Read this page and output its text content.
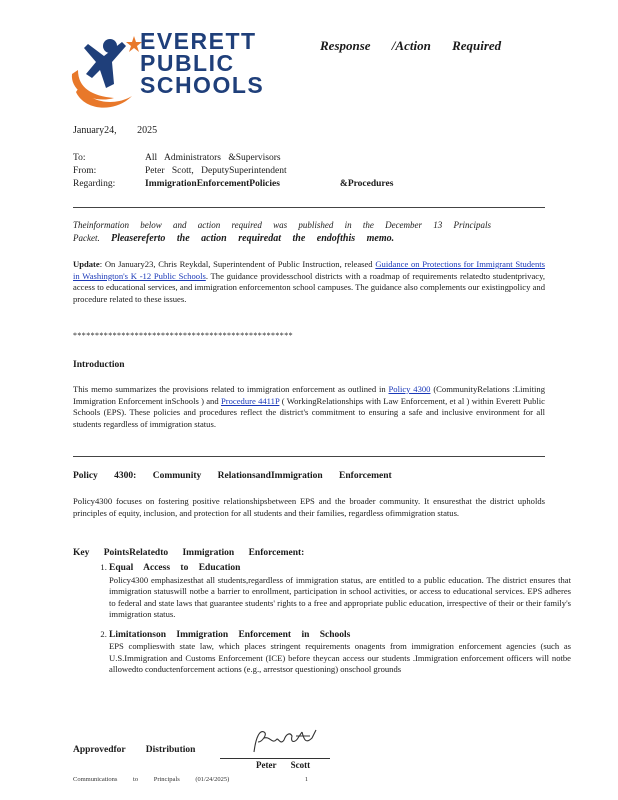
EVERETT
PUBLIC
SCHOOLS
Response /Action Required
January24, 2025
To:	All Administrators &Supervisors
From:	Peter Scott, DeputySuperintendent
Regarding:	ImmigrationEnforcementPolicies	&Procedures
Theinformation below and action required was published in the December 13 Principals
Packet. Pleasereferto the action requiredat the endofthis memo.
Update: On January23, Chris Reykdal, Superintendent of Public Instruction, released Guidance on Protections for Immigrant Students in Washington's K -12 Public Schools. The guidance providesschool districts with a roadmap of requirements relatedto studentprivacy, access to educational services, and immigration enforcementon school campuses. The guidance also complements our existingpolicy and procedure related to these issues.
**************************************************
Introduction
This memo summarizes the provisions related to immigration enforcement as outlined in Policy 4300 (CommunityRelations :Limiting Immigration Enforcement inSchools ) and Procedure 4411P ( WorkingRelationships with Law Enforcement, et al ) within Everett Public Schools (EPS). These policies and procedures reflect the district's commitment to ensuring a safe and inclusive environment for all students regardless of immigration status.
Policy 4300: Community RelationsandImmigration Enforcement
Policy4300 focuses on fostering positive relationshipsbetween EPS and the broader community. It ensuresthat the district upholds principles of equity, inclusion, and protection for all students and their families, regardless ofimmigration status.
Key PointsRelatedto Immigration Enforcement:
1. Equal Access to Education
Policy4300 emphasizesthat all students,regardless of immigration status, are entitled to a public education. The district ensures that immigration statuswill notbe a barrier to enrollment, participation in school activities, or access to educational services. EPS adheres to federal and state laws that guarantee students' rights to a free and appropriate public education, irrespective of their or their family's immigration status.
2. Limitationson Immigration Enforcement in Schools
EPS complieswith state law, which places stringent requirements onagents from immigration enforcement agencies (such as U.S.Immigration and Customs Enforcement (ICE) before theycan access our students .Immigration enforcement officers will notbe allowedto conductenforcement actions (e.g., arrestsor questioning) onschool grounds
Approvedfor Distribution
Peter Scott
Communications to Principals (01/24/2025)	1
